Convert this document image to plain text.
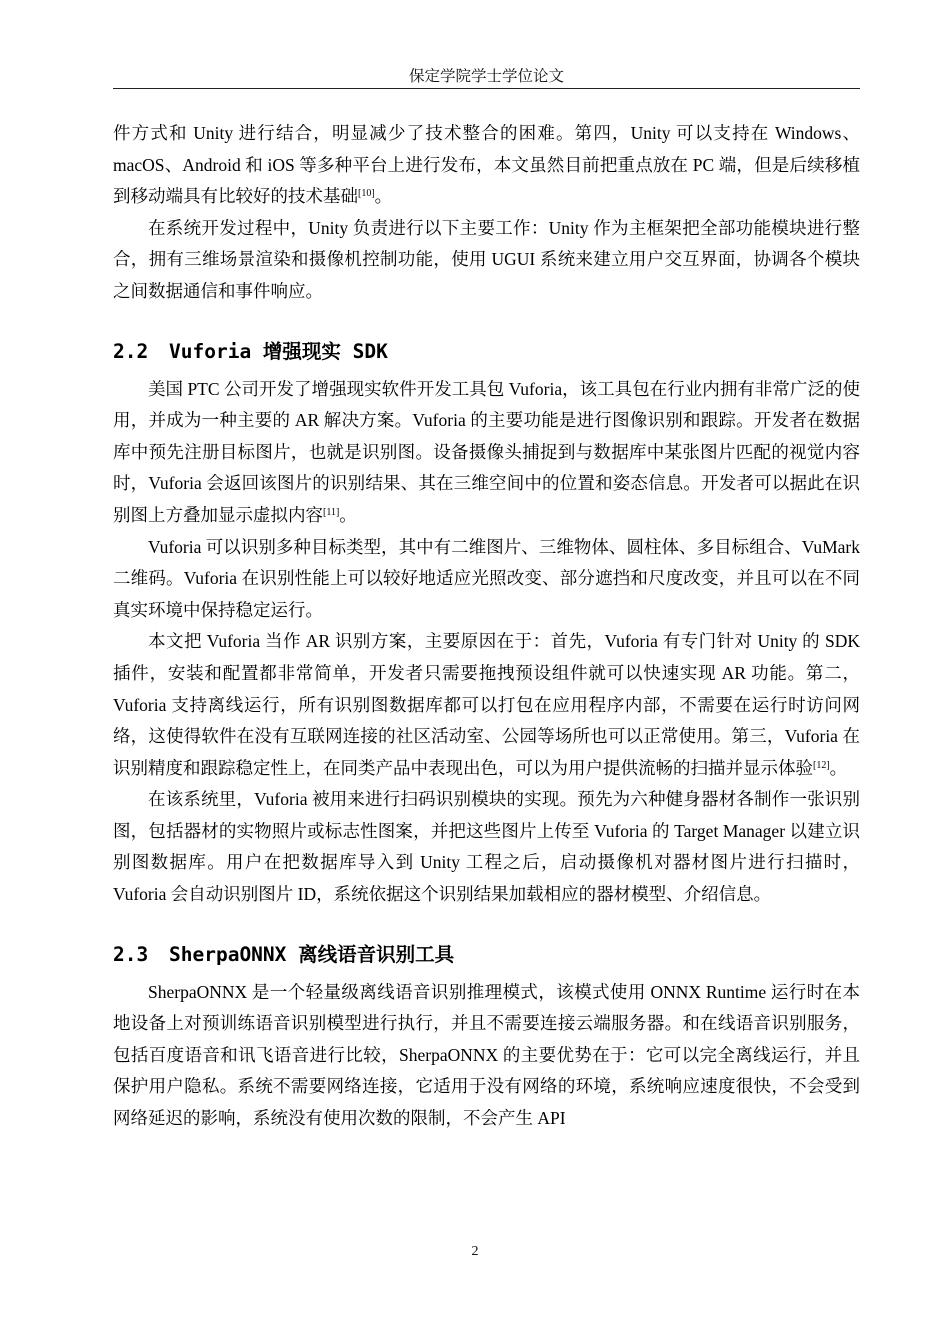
保定学院学士学位论文

件方式和 Unity 进行结合，明显减少了技术整合的困难。第四，Unity 可以支持在 Windows、macOS、Android 和 iOS 等多种平台上进行发布，本文虽然目前把重点放在 PC 端，但是后续移植到移动端具有比较好的技术基础[10]。

在系统开发过程中，Unity 负责进行以下主要工作：Unity 作为主框架把全部功能模块进行整合，拥有三维场景渲染和摄像机控制功能，使用 UGUI 系统来建立用户交互界面，协调各个模块之间数据通信和事件响应。

2.2 Vuforia 增强现实 SDK

美国 PTC 公司开发了增强现实软件开发工具包 Vuforia，该工具包在行业内拥有非常广泛的使用，并成为一种主要的 AR 解决方案。Vuforia 的主要功能是进行图像识别和跟踪。开发者在数据库中预先注册目标图片，也就是识别图。设备摄像头捕捉到与数据库中某张图片匹配的视觉内容时，Vuforia 会返回该图片的识别结果、其在三维空间中的位置和姿态信息。开发者可以据此在识别图上方叠加显示虚拟内容[11]。

Vuforia 可以识别多种目标类型，其中有二维图片、三维物体、圆柱体、多目标组合、VuMark 二维码。Vuforia 在识别性能上可以较好地适应光照改变、部分遮挡和尺度改变，并且可以在不同真实环境中保持稳定运行。

本文把 Vuforia 当作 AR 识别方案，主要原因在于：首先，Vuforia 有专门针对 Unity 的 SDK 插件，安装和配置都非常简单，开发者只需要拖拽预设组件就可以快速实现 AR 功能。第二，Vuforia 支持离线运行，所有识别图数据库都可以打包在应用程序内部，不需要在运行时访问网络，这使得软件在没有互联网连接的社区活动室、公园等场所也可以正常使用。第三，Vuforia 在识别精度和跟踪稳定性上，在同类产品中表现出色，可以为用户提供流畅的扫描并显示体验[12]。

在该系统里，Vuforia 被用来进行扫码识别模块的实现。预先为六种健身器材各制作一张识别图，包括器材的实物照片或标志性图案，并把这些图片上传至 Vuforia 的 Target Manager 以建立识别图数据库。用户在把数据库导入到 Unity 工程之后，启动摄像机对器材图片进行扫描时，Vuforia 会自动识别图片 ID，系统依据这个识别结果加载相应的器材模型、介绍信息。

2.3 SherpaONNX 离线语音识别工具

SherpaONNX 是一个轻量级离线语音识别推理模式，该模式使用 ONNX Runtime 运行时在本地设备上对预训练语音识别模型进行执行，并且不需要连接云端服务器。和在线语音识别服务，包括百度语音和讯飞语音进行比较，SherpaONNX 的主要优势在于：它可以完全离线运行，并且保护用户隐私。系统不需要网络连接，它适用于没有网络的环境，系统响应速度很快，不会受到网络延迟的影响，系统没有使用次数的限制，不会产生 API

2
